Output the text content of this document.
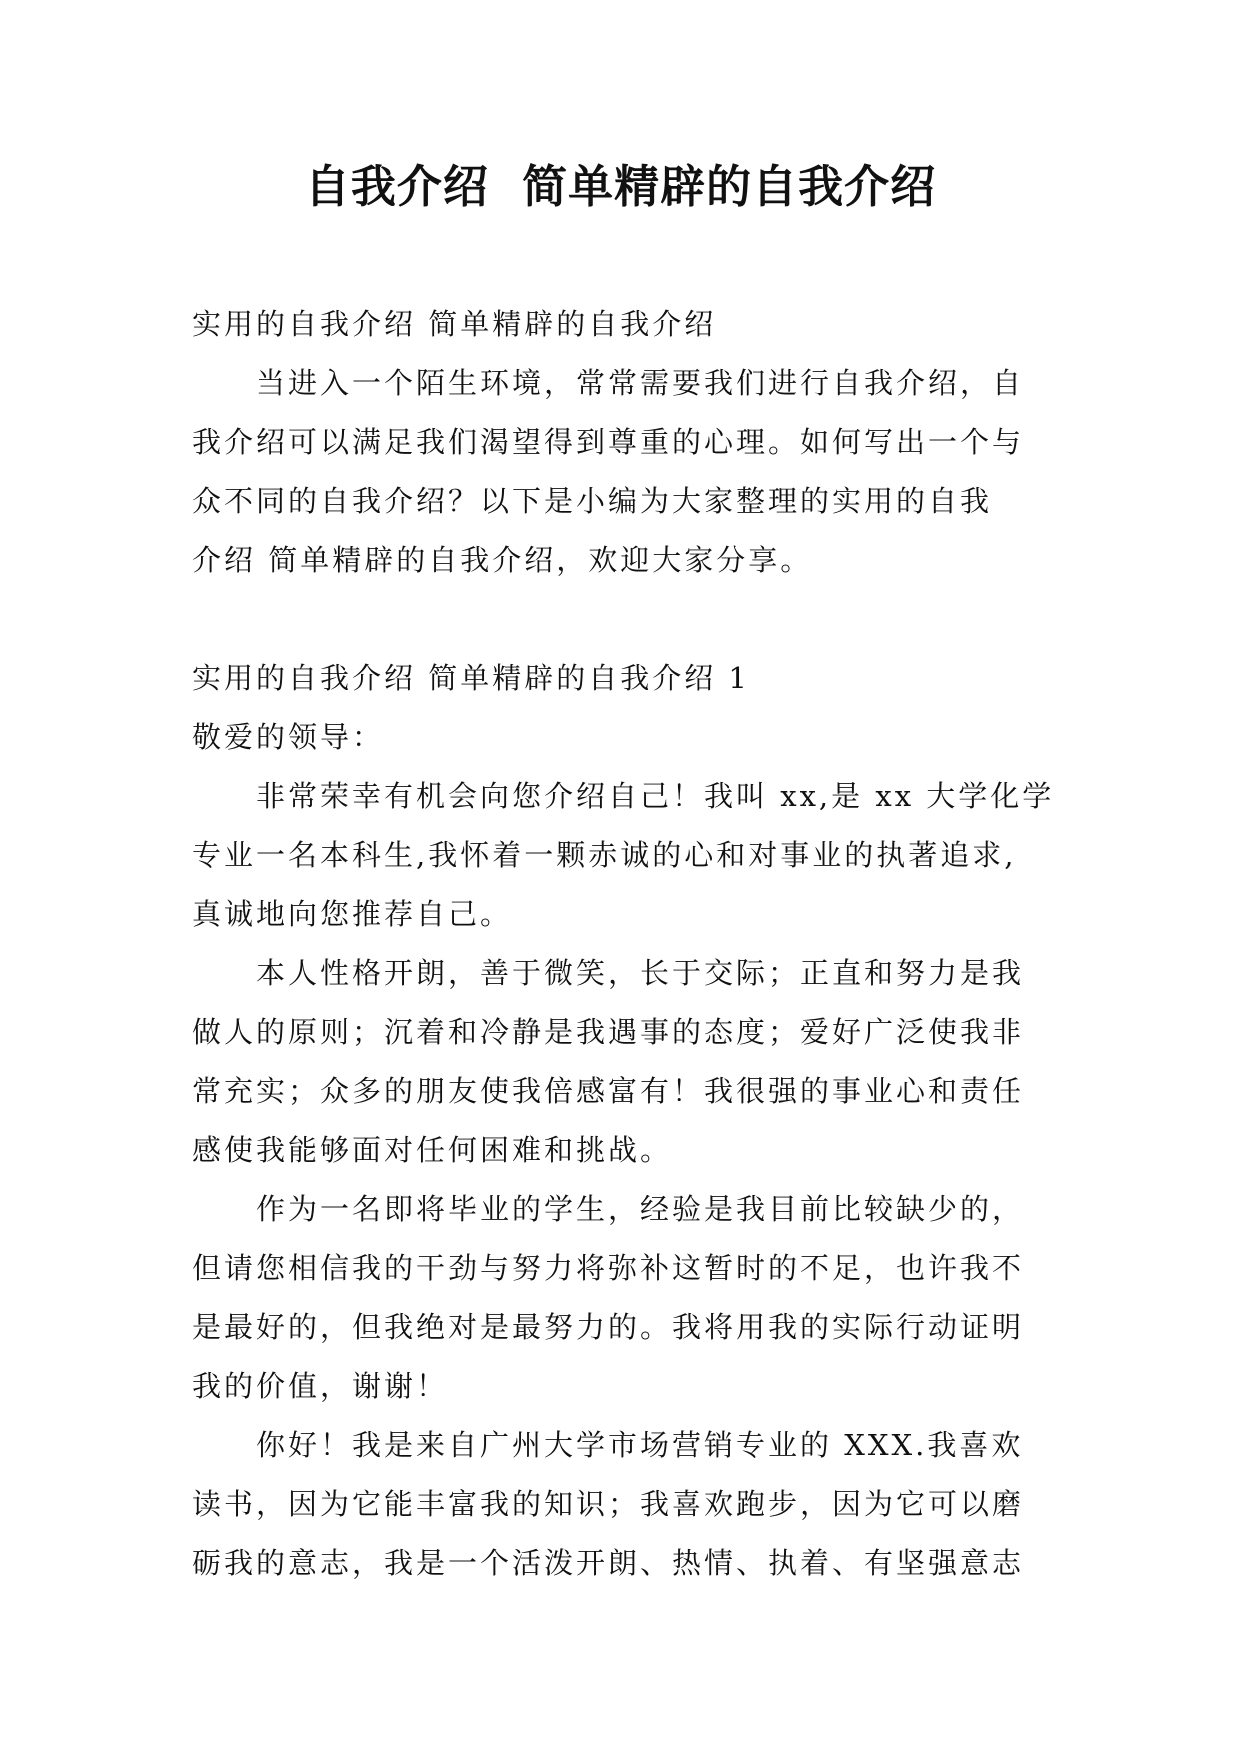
自我介绍  简单精辟的自我介绍
实用的自我介绍 简单精辟的自我介绍
当进入一个陌生环境，常常需要我们进行自我介绍，自
我介绍可以满足我们渴望得到尊重的心理。如何写出一个与
众不同的自我介绍？以下是小编为大家整理的实用的自我
介绍 简单精辟的自我介绍，欢迎大家分享。
实用的自我介绍 简单精辟的自我介绍 1
敬爱的领导：
非常荣幸有机会向您介绍自己！我叫 xx,是 xx 大学化学
专业一名本科生,我怀着一颗赤诚的心和对事业的执著追求,
真诚地向您推荐自己。
本人性格开朗，善于微笑，长于交际；正直和努力是我
做人的原则；沉着和冷静是我遇事的态度；爱好广泛使我非
常充实；众多的朋友使我倍感富有！我很强的事业心和责任
感使我能够面对任何困难和挑战。
作为一名即将毕业的学生，经验是我目前比较缺少的，
但请您相信我的干劲与努力将弥补这暂时的不足，也许我不
是最好的，但我绝对是最努力的。我将用我的实际行动证明
我的价值，谢谢！
你好！我是来自广州大学市场营销专业的 XXX.我喜欢
读书，因为它能丰富我的知识；我喜欢跑步，因为它可以磨
砺我的意志，我是一个活泼开朗、热情、执着、有坚强意志
